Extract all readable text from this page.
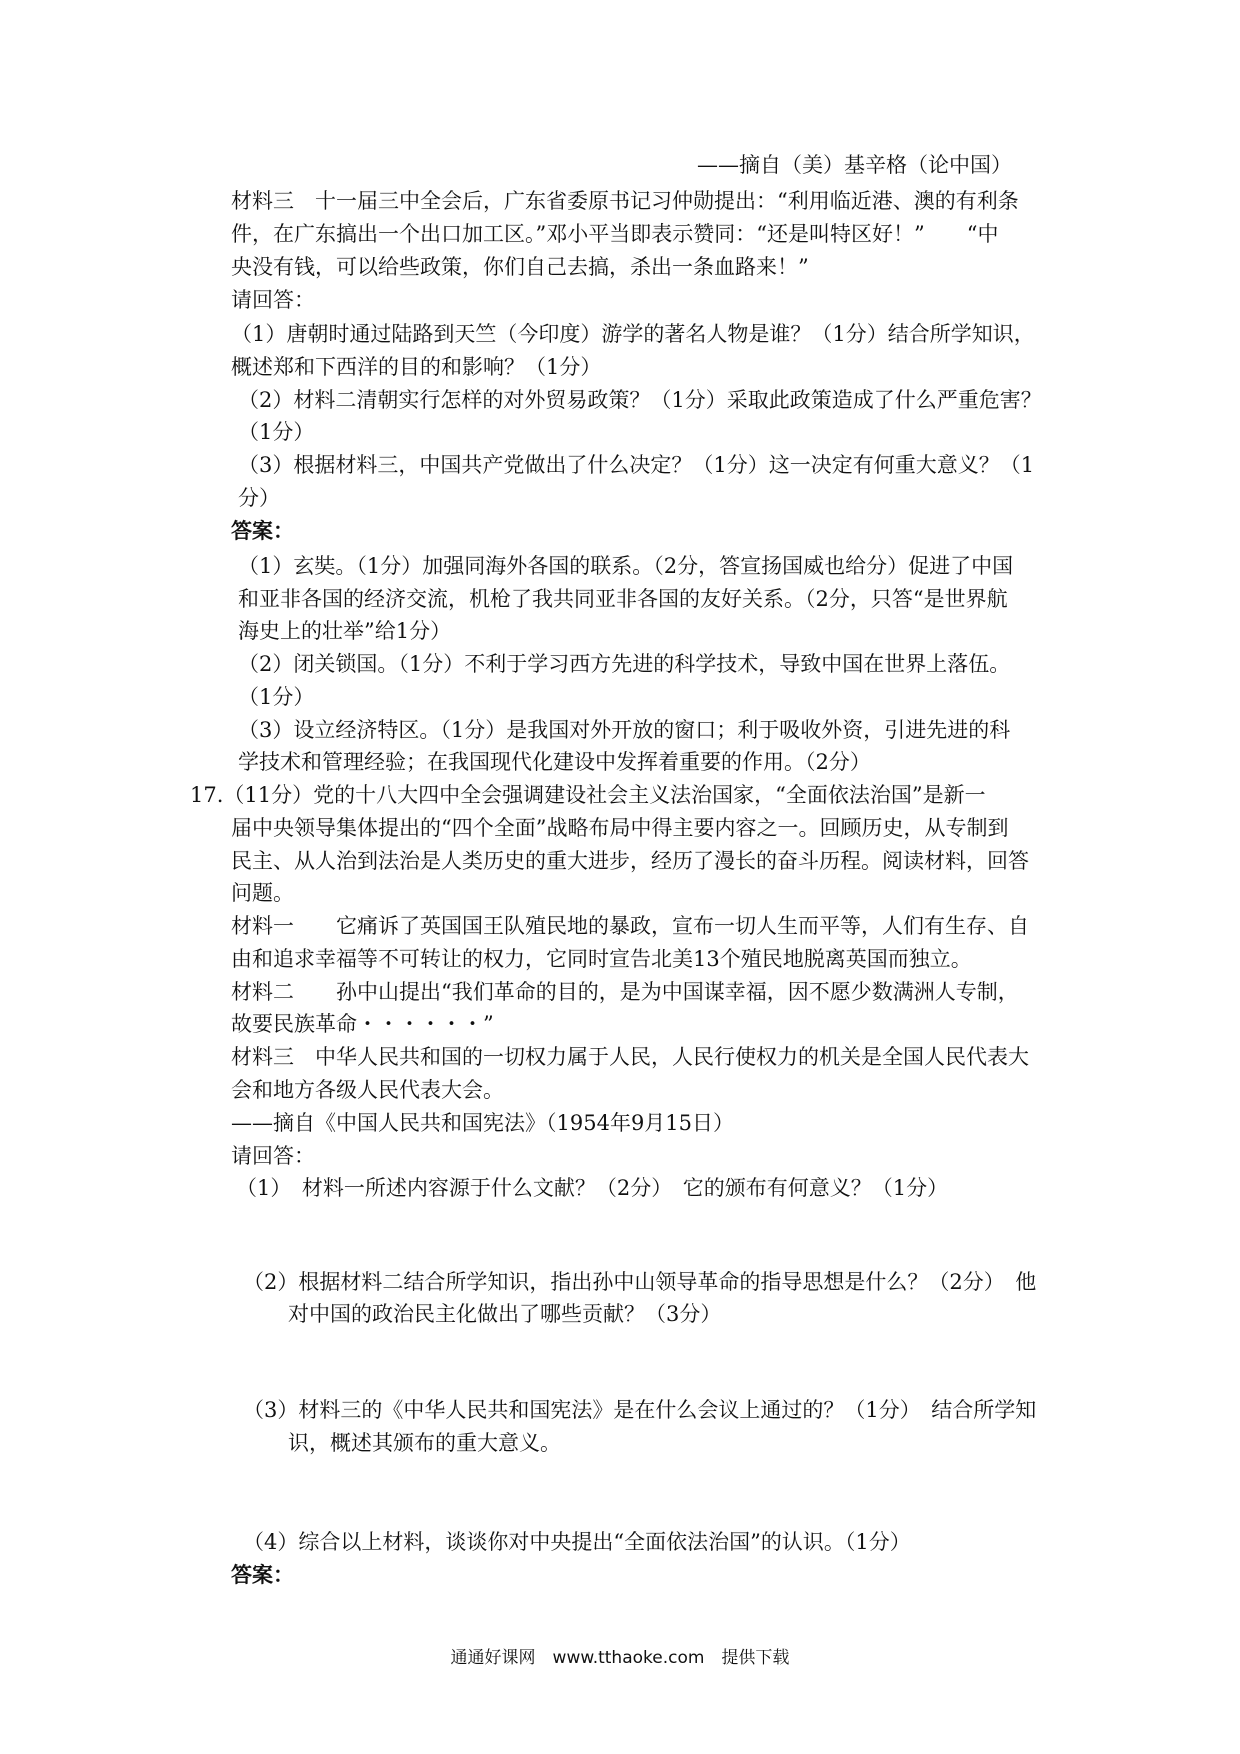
——摘自（美）基辛格（论中国）
材料三　十一届三中全会后，广东省委原书记习仲勋提出：“利用临近港、澳的有利条
件，在广东搞出一个出口加工区。”邓小平当即表示赞同：“还是叫特区好！”　　“中
央没有钱，可以给些政策，你们自己去搞，杀出一条血路来！”
请回答：
（1）唐朝时通过陆路到天竺（今印度）游学的著名人物是谁？（1分）结合所学知识，
概述郑和下西洋的目的和影响？（1分）
（2）材料二清朝实行怎样的对外贸易政策？（1分）采取此政策造成了什么严重危害？
（1分）
（3）根据材料三，中国共产党做出了什么决定？（1分）这一决定有何重大意义？（1
分）
答案：
（1）玄奘。（1分）加强同海外各国的联系。（2分，答宣扬国威也给分）促进了中国
和亚非各国的经济交流，机枪了我共同亚非各国的友好关系。（2分，只答“是世界航
海史上的壮举”给1分）
（2）闭关锁国。（1分）不利于学习西方先进的科学技术，导致中国在世界上落伍。
（1分）
（3）设立经济特区。（1分）是我国对外开放的窗口；利于吸收外资，引进先进的科
学技术和管理经验；在我国现代化建设中发挥着重要的作用。（2分）
17.（11分）党的十八大四中全会强调建设社会主义法治国家，“全面依法治国”是新一
届中央领导集体提出的“四个全面”战略布局中得主要内容之一。回顾历史，从专制到
民主、从人治到法治是人类历史的重大进步，经历了漫长的奋斗历程。阅读材料，回答
问题。
材料一　　它痛诉了英国国王队殖民地的暴政，宣布一切人生而平等，人们有生存、自
由和追求幸福等不可转让的权力，它同时宣告北美13个殖民地脱离英国而独立。
材料二　　孙中山提出“我们革命的目的，是为中国谋幸福，因不愿少数满洲人专制，
故要民族革命・・・・・・”
材料三　中华人民共和国的一切权力属于人民，人民行使权力的机关是全国人民代表大
会和地方各级人民代表大会。
——摘自《中国人民共和国宪法》（1954年9月15日）
请回答：
（1）　材料一所述内容源于什么文献？（2分）　它的颁布有何意义？（1分）
（2）根据材料二结合所学知识，指出孙中山领导革命的指导思想是什么？（2分）　他
对中国的政治民主化做出了哪些贡献？（3分）
（3）材料三的《中华人民共和国宪法》是在什么会议上通过的？（1分）　结合所学知
识，概述其颁布的重大意义。
（4）综合以上材料，谈谈你对中央提出“全面依法治国”的认识。（1分）
答案：
通通好课网　www.tthaoke.com　提供下载
